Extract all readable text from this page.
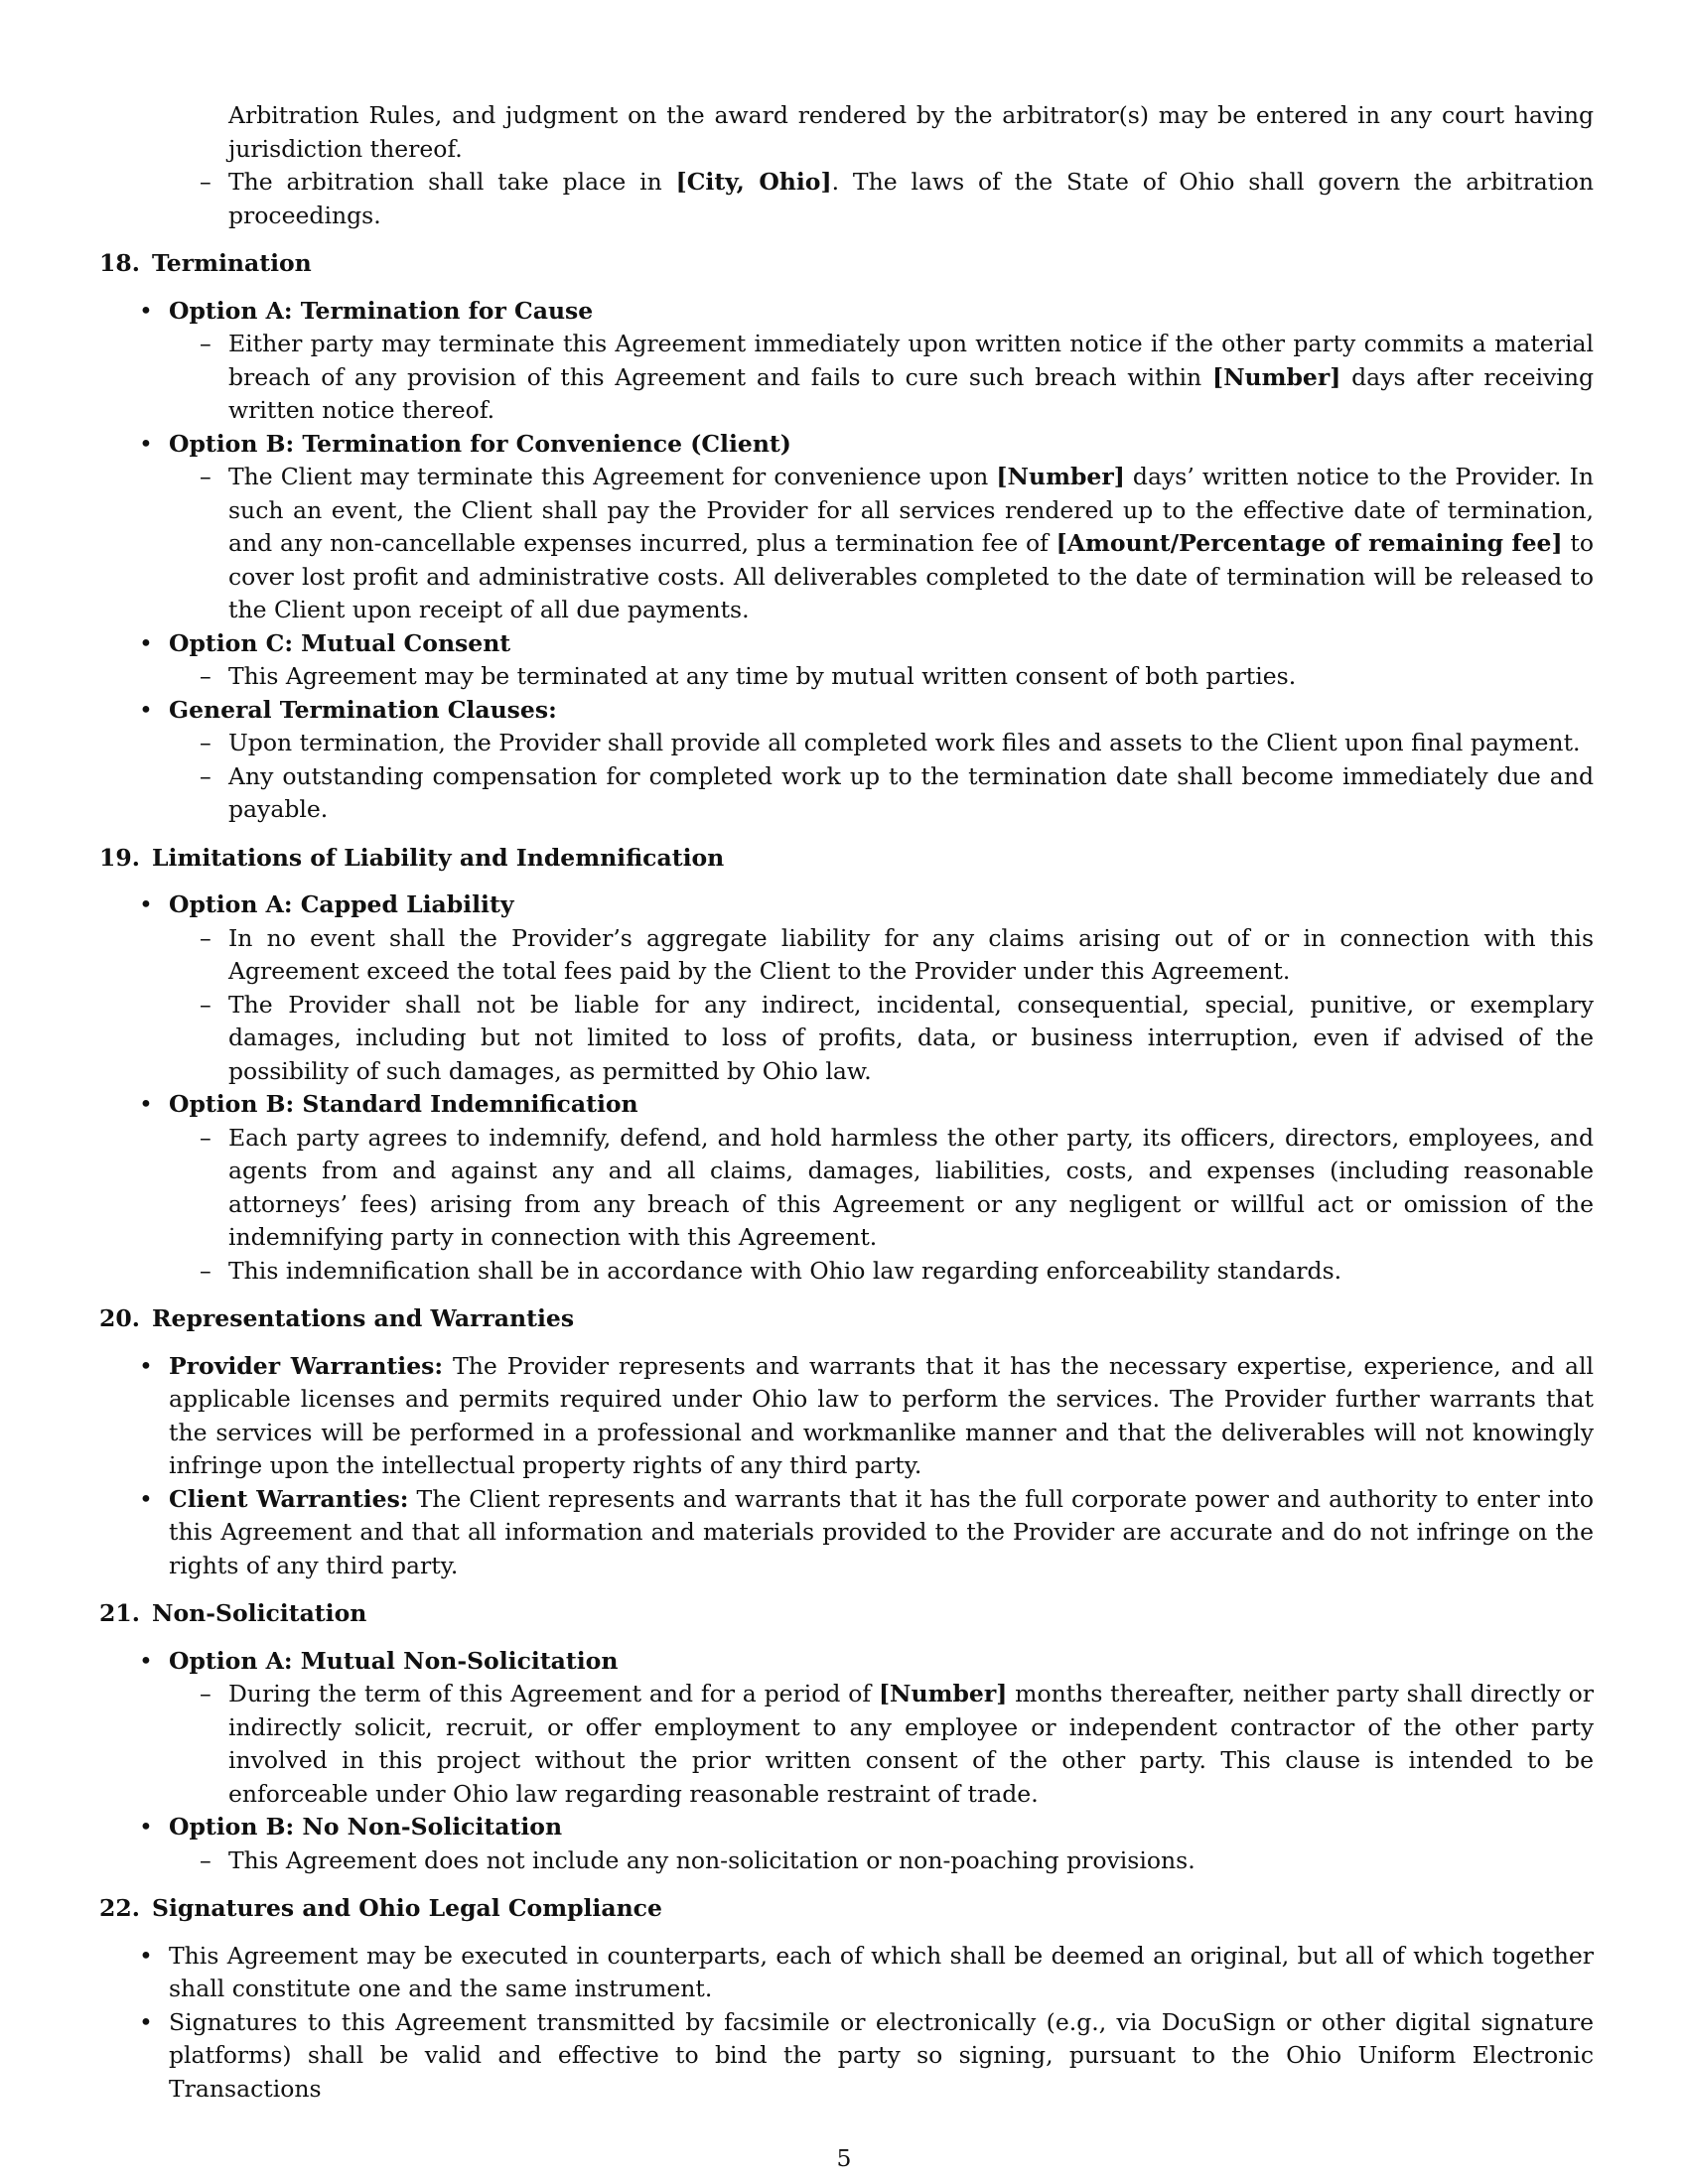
Arbitration Rules, and judgment on the award rendered by the arbitrator(s) may be entered in any court having jurisdiction thereof.

– The arbitration shall take place in [City, Ohio]. The laws of the State of Ohio shall govern the arbitration proceedings.

18. Termination
• Option A: Termination for Cause

– Either party may terminate this Agreement immediately upon written notice if the other party commits a material breach of any provision of this Agreement and fails to cure such breach within [Number] days after receiving written notice thereof.

• Option B: Termination for Convenience (Client)

– The Client may terminate this Agreement for convenience upon [Number] days’ written notice to the Provider. In such an event, the Client shall pay the Provider for all services rendered up to the effective date of termination, and any non-cancellable expenses incurred, plus a termination fee of [Amount/Percentage of remaining fee] to cover lost profit and administrative costs. All deliverables completed to the date of termination will be released to the Client upon receipt of all due payments.

• Option C: Mutual Consent

– This Agreement may be terminated at any time by mutual written consent of both parties.

• General Termination Clauses:

– Upon termination, the Provider shall provide all completed work files and assets to the Client upon final payment.

– Any outstanding compensation for completed work up to the termination date shall become immediately due and payable.

19. Limitations of Liability and Indemnification
• Option A: Capped Liability

– In no event shall the Provider’s aggregate liability for any claims arising out of or in connection with this Agreement exceed the total fees paid by the Client to the Provider under this Agreement.

– The Provider shall not be liable for any indirect, incidental, consequential, special, punitive, or exemplary damages, including but not limited to loss of profits, data, or business interruption, even if advised of the possibility of such damages, as permitted by Ohio law.

• Option B: Standard Indemnification

– Each party agrees to indemnify, defend, and hold harmless the other party, its officers, directors, employees, and agents from and against any and all claims, damages, liabilities, costs, and expenses (including reasonable attorneys’ fees) arising from any breach of this Agreement or any negligent or willful act or omission of the indemnifying party in connection with this Agreement.

– This indemnification shall be in accordance with Ohio law regarding enforceability standards.

20. Representations and Warranties

• Provider Warranties: The Provider represents and warrants that it has the necessary expertise, experience, and all applicable licenses and permits required under Ohio law to perform the services. The Provider further warrants that the services will be performed in a professional and workmanlike manner and that the deliverables will not knowingly infringe upon the intellectual property rights of any third party.

• Client Warranties: The Client represents and warrants that it has the full corporate power and authority to enter into this Agreement and that all information and materials provided to the Provider are accurate and do not infringe on the rights of any third party.

21. Non-Solicitation
• Option A: Mutual Non-Solicitation

– During the term of this Agreement and for a period of [Number] months thereafter, neither party shall directly or indirectly solicit, recruit, or offer employment to any employee or independent contractor of the other party involved in this project without the prior written consent of the other party. This clause is intended to be enforceable under Ohio law regarding reasonable restraint of trade.

• Option B: No Non-Solicitation

– This Agreement does not include any non-solicitation or non-poaching provisions.

22. Signatures and Ohio Legal Compliance

• This Agreement may be executed in counterparts, each of which shall be deemed an original, but all of which together shall constitute one and the same instrument.

• Signatures to this Agreement transmitted by facsimile or electronically (e.g., via DocuSign or other digital signature platforms) shall be valid and effective to bind the party so signing, pursuant to the Ohio Uniform Electronic Transactions

5
